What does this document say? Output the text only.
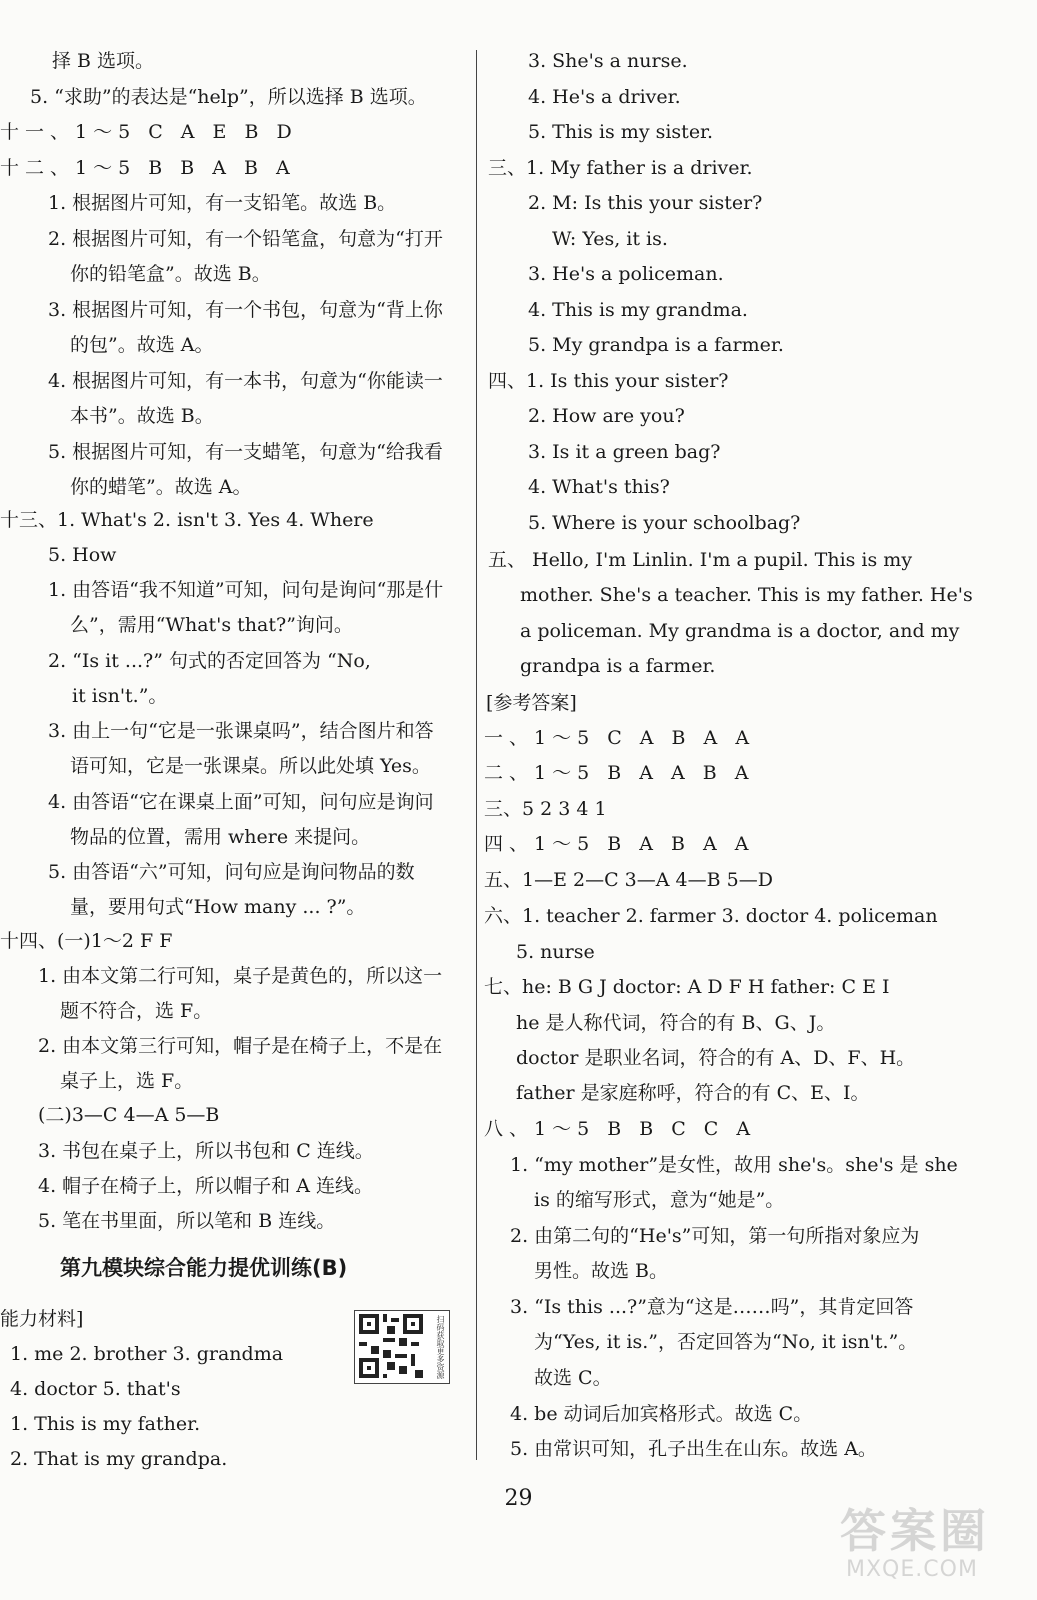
择 B 选项。
5. “求助”的表达是“help”，所以选择 B 选项。
十一、1～5 C A E B D
十二、1～5 B B A B A
1. 根据图片可知，有一支铅笔。故选 B。
2. 根据图片可知，有一个铅笔盒，句意为“打开
你的铅笔盒”。故选 B。
3. 根据图片可知，有一个书包，句意为“背上你
的包”。故选 A。
4. 根据图片可知，有一本书，句意为“你能读一
本书”。故选 B。
5. 根据图片可知，有一支蜡笔，句意为“给我看
你的蜡笔”。故选 A。
十三、1. What's 2. isn't 3. Yes 4. Where
5. How
1. 由答语“我不知道”可知，问句是询问“那是什
么”，需用“What's that?”询问。
2. “Is it ...?” 句式的否定回答为 “No,
it isn't.”。
3. 由上一句“它是一张课桌吗”，结合图片和答
语可知，它是一张课桌。所以此处填 Yes。
4. 由答语“它在课桌上面”可知，问句应是询问
物品的位置，需用 where 来提问。
5. 由答语“六”可知，问句应是询问物品的数
量，要用句式“How many ... ?”。
十四、(一)1～2 F F
1. 由本文第二行可知，桌子是黄色的，所以这一
题不符合，选 F。
2. 由本文第三行可知，帽子是在椅子上，不是在
桌子上，选 F。
(二)3—C 4—A 5—B
3. 书包在桌子上，所以书包和 C 连线。
4. 帽子在椅子上，所以帽子和 A 连线。
5. 笔在书里面，所以笔和 B 连线。
能力材料]
1. me 2. brother 3. grandma
4. doctor 5. that's
1. This is my father.
2. That is my grandpa.
3. She's a nurse.
4. He's a driver.
5. This is my sister.
三、1. My father is a driver.
2. M: Is this your sister?
W: Yes, it is.
3. He's a policeman.
4. This is my grandma.
5. My grandpa is a farmer.
四、1. Is this your sister?
2. How are you?
3. Is it a green bag?
4. What's this?
5. Where is your schoolbag?
五、 Hello, I'm Linlin. I'm a pupil. This is my
mother. She's a teacher. This is my father. He's
a policeman. My grandma is a doctor, and my
grandpa is a farmer.
[参考答案]
一、1～5 C A B A A
二、1～5 B A A B A
三、5 2 3 4 1
四、1～5 B A B A A
五、1—E 2—C 3—A 4—B 5—D
六、1. teacher 2. farmer 3. doctor 4. policeman
5. nurse
七、he: B G J doctor: A D F H father: C E I
he 是人称代词，符合的有 B、G、J。
doctor 是职业名词，符合的有 A、D、F、H。
father 是家庭称呼，符合的有 C、E、I。
八、1～5 B B C C A
1. “my mother”是女性，故用 she's。she's 是 she
is 的缩写形式，意为“她是”。
2. 由第二句的“He's”可知，第一句所指对象应为
男性。故选 B。
3. “Is this ...?”意为“这是……吗”，其肯定回答
为“Yes, it is.”，否定回答为“No, it isn't.”。
故选 C。
4. be 动词后加宾格形式。故选 C。
5. 由常识可知，孔子出生在山东。故选 A。
第九模块综合能力提优训练(B)
扫码获取更多资源
29
答案圈
MXQE.COM
